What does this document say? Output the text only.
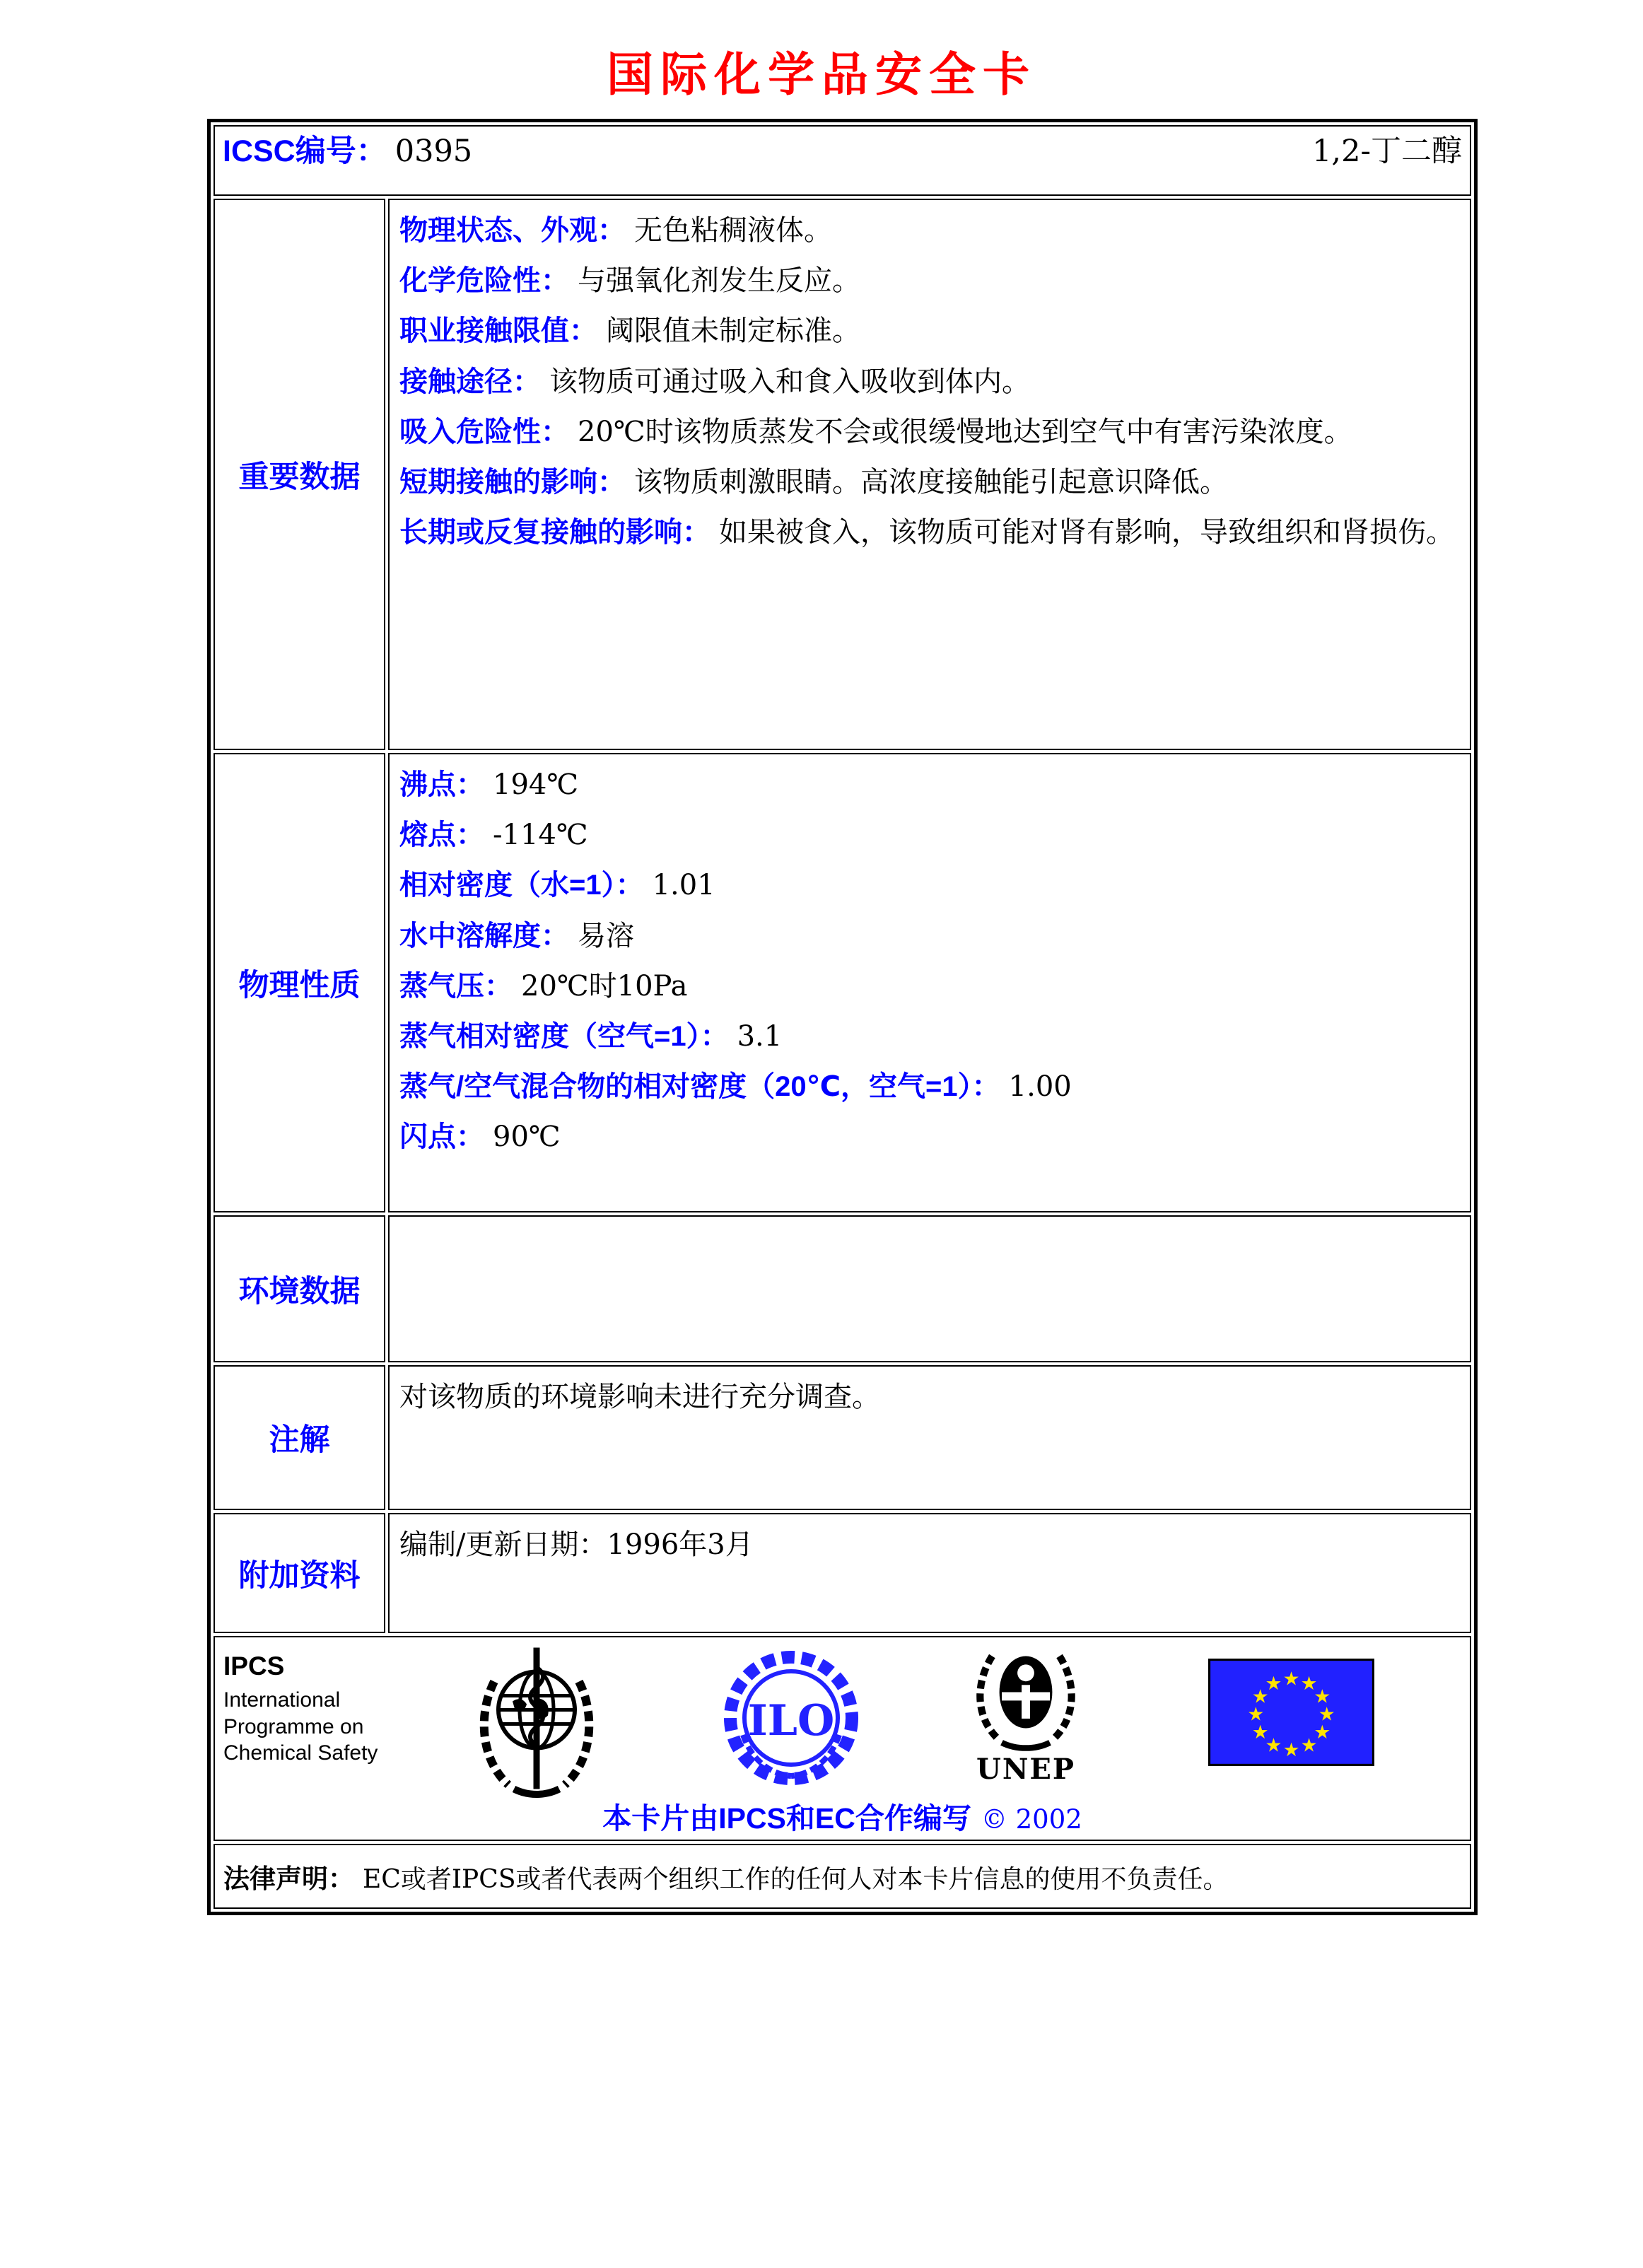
国际化学品安全卡
ICSC编号： 0395 1,2-丁二醇	

重要数据	
物理状态、外观： 无色粘稠液体。
化学危险性： 与强氧化剂发生反应。
职业接触限值： 阈限值未制定标准。
接触途径： 该物质可通过吸入和食入吸收到体内。
吸入危险性： 20℃时该物质蒸发不会或很缓慢地达到空气中有害污染浓度。
短期接触的影响： 该物质刺激眼睛。高浓度接触能引起意识降低。
长期或反复接触的影响： 如果被食入，该物质可能对肾有影响，导致组织和肾损伤。

物理性质	
沸点： 194℃
熔点： -114℃
相对密度（水=1）： 1.01
水中溶解度： 易溶
蒸气压： 20℃时10Pa
蒸气相对密度（空气=1）： 3.1
蒸气/空气混合物的相对密度（20℃，空气=1）： 1.00
闪点： 90℃

环境数据	
注解	对该物质的环境影响未进行充分调查。

附加资料	编制/更新日期：1996年3月

IPCS
International
Programme on
Chemical Safety
ILO
UNEP
★ ★
★
★
★
★
★
★
★
★
★
★
本卡片由IPCS和EC合作编写 © 2002

法律声明： EC或者IPCS或者代表两个组织工作的任何人对本卡片信息的使用不负责任。	
